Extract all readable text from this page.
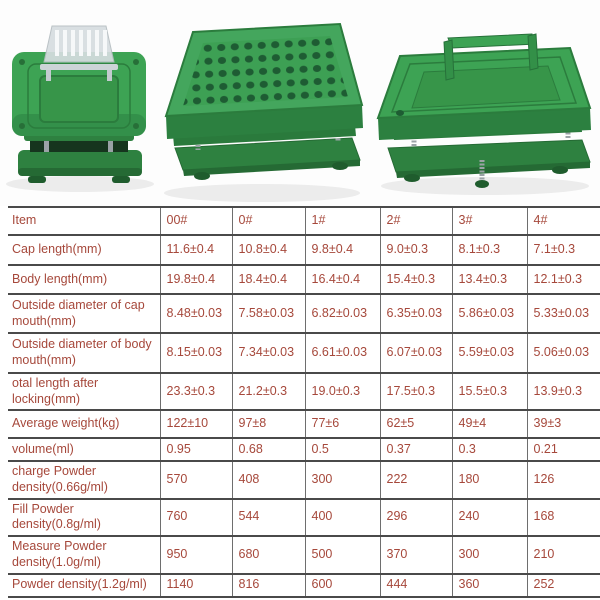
Item	00#	0#	1#	2#	3#	4#
Cap length(mm)	11.6±0.4	10.8±0.4	9.8±0.4	9.0±0.3	8.1±0.3	7.1±0.3
Body length(mm)	19.8±0.4	18.4±0.4	16.4±0.4	15.4±0.3	13.4±0.3	12.1±0.3
Outside diameter of cap mouth(mm)	8.48±0.03	7.58±0.03	6.82±0.03	6.35±0.03	5.86±0.03	5.33±0.03
Outside diameter of body mouth(mm)	8.15±0.03	7.34±0.03	6.61±0.03	6.07±0.03	5.59±0.03	5.06±0.03
otal length after locking(mm)	23.3±0.3	21.2±0.3	19.0±0.3	17.5±0.3	15.5±0.3	13.9±0.3
Average weight(kg)	122±10	97±8	77±6	62±5	49±4	39±3
volume(ml)	0.95	0.68	0.5	0.37	0.3	0.21
charge Powder density(0.66g/ml)	570	408	300	222	180	126
Fill Powder density(0.8g/ml)	760	544	400	296	240	168
Measure Powder density(1.0g/ml)	950	680	500	370	300	210
Powder density(1.2g/ml)	1140	816	600	444	360	252
